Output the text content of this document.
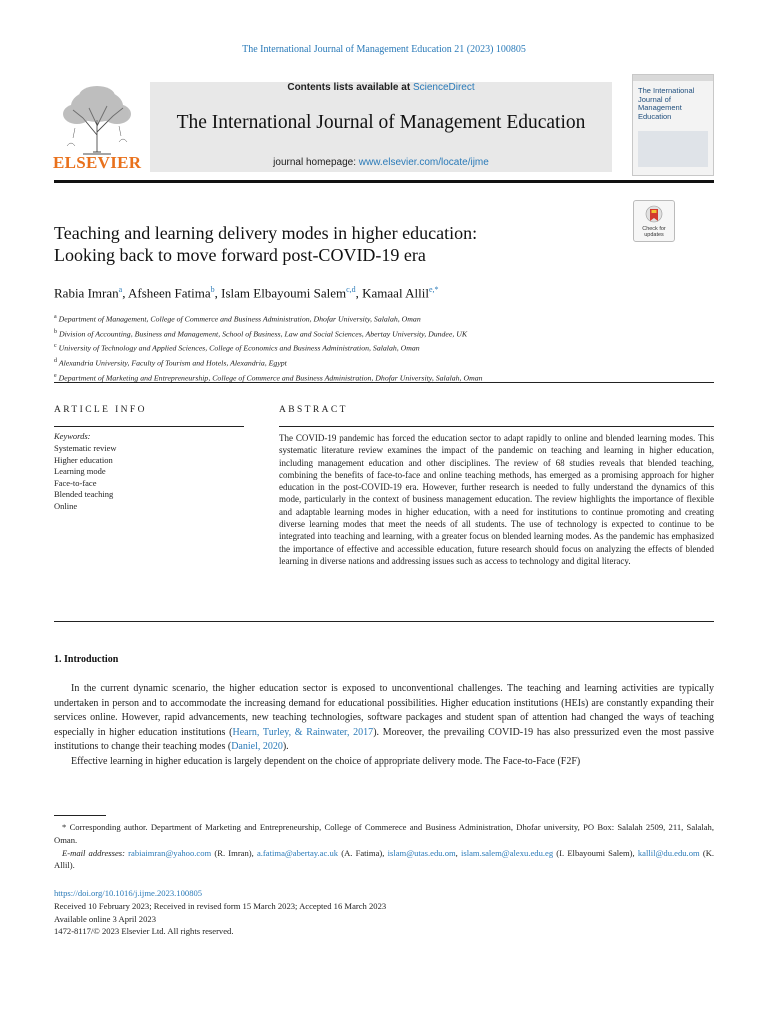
The International Journal of Management Education 21 (2023) 100805
ELSEVIER
Contents lists available at ScienceDirect
The International Journal of Management Education
journal homepage: www.elsevier.com/locate/ijme
The International Journal of Management Education
Check for updates
Teaching and learning delivery modes in higher education:
Looking back to move forward post-COVID-19 era
Rabia Imran$^a$, Afsheen Fatima$^b$, Islam Elbayoumi Salem$^{c,d}$, Kamaal Allil$^{e,*}$
$^a$ Department of Management, College of Commerce and Business Administration, Dhofar University, Salalah, Oman
$^b$ Division of Accounting, Business and Management, School of Business, Law and Social Sciences, Abertay University, Dundee, UK
$^c$ University of Technology and Applied Sciences, College of Economics and Business Administration, Salalah, Oman
$^d$ Alexandria University, Faculty of Tourism and Hotels, Alexandria, Egypt
$^e$ Department of Marketing and Entrepreneurship, College of Commerce and Business Administration, Dhofar University, Salalah, Oman
ARTICLE INFO	ABSTRACT
Keywords:
Systematic review
Higher education
Learning mode
Face-to-face
Blended teaching
Online
The COVID-19 pandemic has forced the education sector to adapt rapidly to online and blended learning modes. This systematic literature review examines the impact of the pandemic on teaching and learning in higher education, including management education and other disciplines. The review of 68 studies reveals that blended teaching, combining the benefits of face-to-face and online teaching methods, has emerged as a promising approach for higher education in the post-COVID-19 era. However, further research is needed to fully understand the dynamics of this mode, particularly in the context of business management education. The review highlights the importance of flexible and adaptable learning modes in higher education, with a need for institutions to continue promoting and creating diverse learning modes that meet the needs of all students. The use of technology is expected to continue to be integrated into teaching and learning, with a greater focus on blended learning modes. As the pandemic has emphasized the importance of effective and accessible education, future research should focus on analyzing the effects of blended learning in diverse nations and addressing issues such as access to technology and digital literacy.
1. Introduction

In the current dynamic scenario, the higher education sector is exposed to unconventional challenges. The teaching and learning activities are typically undertaken in person and to accommodate the increasing demand for educational possibilities. Higher education institutions (HEIs) are constantly expanding their services online. However, rapid advancements, new teaching technologies, software packages and student span of attention had changed the ways of teaching especially in higher education institutions (Hearn, Turley, & Rainwater, 2017). Moreover, the prevailing COVID-19 has also pressurized even the most passive institutions to change their teaching modes (Daniel, 2020).

Effective learning in higher education is largely dependent on the choice of appropriate delivery mode. The Face-to-Face (F2F)

* Corresponding author. Department of Marketing and Entrepreneurship, College of Commerece and Business Administration, Dhofar university, PO Box: Salalah 2509, 211, Salalah, Oman.

E-mail addresses: rabiaimran@yahoo.com (R. Imran), a.fatima@abertay.ac.uk (A. Fatima), islam@utas.edu.om, islam.salem@alexu.edu.eg (I. Elbayoumi Salem), kallil@du.edu.om (K. Allil).

https://doi.org/10.1016/j.ijme.2023.100805
Received 10 February 2023; Received in revised form 15 March 2023; Accepted 16 March 2023
Available online 3 April 2023
1472-8117/© 2023 Elsevier Ltd. All rights reserved.
